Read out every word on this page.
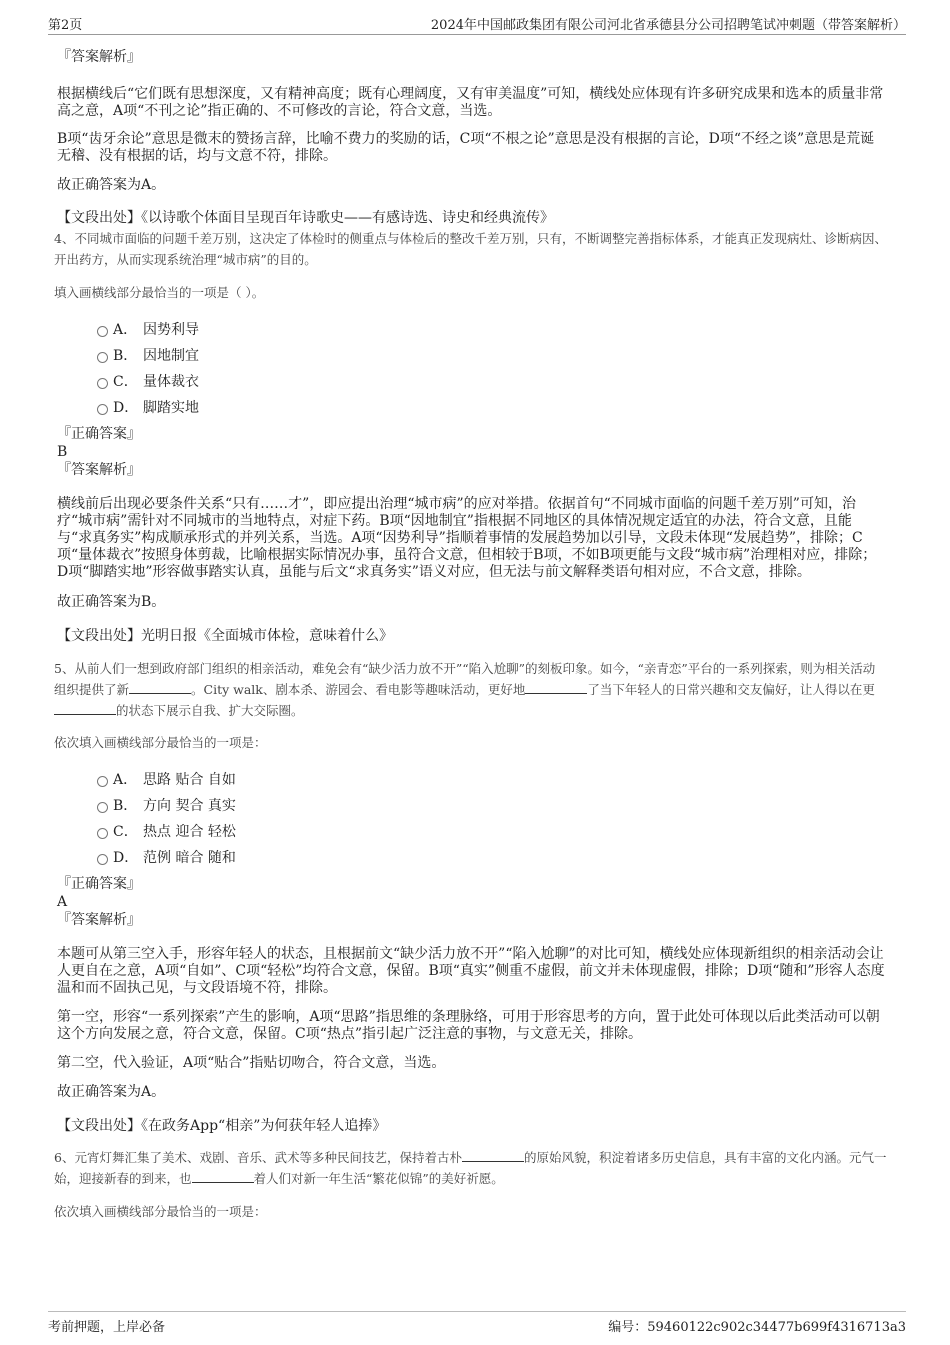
第2页	2024年中国邮政集团有限公司河北省承德县分公司招聘笔试冲刺题（带答案解析）

『答案解析』

根据横线后“它们既有思想深度，又有精神高度；既有心理阔度，又有审美温度”可知，横线处应体现有许多研究成果和选本的质量非常高之意，A项“不刊之论”指正确的、不可修改的言论，符合文意，当选。

B项“齿牙余论”意思是微末的赞扬言辞，比喻不费力的奖励的话，C项“不根之论”意思是没有根据的言论，D项“不经之谈”意思是荒诞无稽、没有根据的话，均与文意不符，排除。

故正确答案为A。

【文段出处】《以诗歌个体面目呈现百年诗歌史——有感诗选、诗史和经典流传》

4、不同城市面临的问题千差万别，这决定了体检时的侧重点与体检后的整改千差万别，只有，不断调整完善指标体系，才能真正发现病灶、诊断病因、开出药方，从而实现系统治理“城市病”的目的。

填入画横线部分最恰当的一项是（ ）。

A． 因势利导
B． 因地制宜
C． 量体裁衣
D． 脚踏实地

『正确答案』

B

『答案解析』

横线前后出现必要条件关系“只有……才”，即应提出治理“城市病”的应对举措。依据首句“不同城市面临的问题千差万别”可知，治疗“城市病”需针对不同城市的当地特点，对症下药。B项“因地制宜”指根据不同地区的具体情况规定适宜的办法，符合文意，且能与“求真务实”构成顺承形式的并列关系，当选。A项“因势利导”指顺着事情的发展趋势加以引导，文段未体现“发展趋势”，排除；C项“量体裁衣”按照身体剪裁，比喻根据实际情况办事，虽符合文意，但相较于B项，不如B项更能与文段“城市病”治理相对应，排除；D项“脚踏实地”形容做事踏实认真，虽能与后文“求真务实”语义对应，但无法与前文解释类语句相对应，不合文意，排除。

故正确答案为B。

【文段出处】光明日报《全面城市体检，意味着什么》

5、从前人们一想到政府部门组织的相亲活动，难免会有“缺少活力放不开”“陷入尬聊”的刻板印象。如今，“亲青恋”平台的一系列探索，则为相关活动组织提供了新	。City walk、剧本杀、游园会、看电影等趣味活动，更好地	了当下年轻人的日常兴趣和交友偏好，让人得以在更的状态下展示自我、扩大交际圈。

依次填入画横线部分最恰当的一项是：

A． 思路 贴合 自如
B． 方向 契合 真实
C． 热点 迎合 轻松
D． 范例 暗合 随和

『正确答案』

A

『答案解析』

本题可从第三空入手，形容年轻人的状态，且根据前文“缺少活力放不开”“陷入尬聊”的对比可知，横线处应体现新组织的相亲活动会让人更自在之意，A项“自如”、C项“轻松”均符合文意，保留。B项“真实”侧重不虚假，前文并未体现虚假，排除；D项“随和”形容人态度温和而不固执己见，与文段语境不符，排除。

第一空，形容“一系列探索”产生的影响，A项“思路”指思维的条理脉络，可用于形容思考的方向，置于此处可体现以后此类活动可以朝这个方向发展之意，符合文意，保留。C项“热点”指引起广泛注意的事物，与文意无关，排除。

第二空，代入验证，A项“贴合”指贴切吻合，符合文意，当选。

故正确答案为A。

【文段出处】《在政务App“相亲”为何获年轻人追捧》

6、元宵灯舞汇集了美术、戏剧、音乐、武术等多种民间技艺，保持着古朴	的原始风貌，积淀着诸多历史信息，具有丰富的文化内涵。元气一始，迎接新春的到来，也	着人们对新一年生活“繁花似锦”的美好祈愿。

依次填入画横线部分最恰当的一项是：

考前押题，上岸必备	编号：59460122c902c34477b699f4316713a3
